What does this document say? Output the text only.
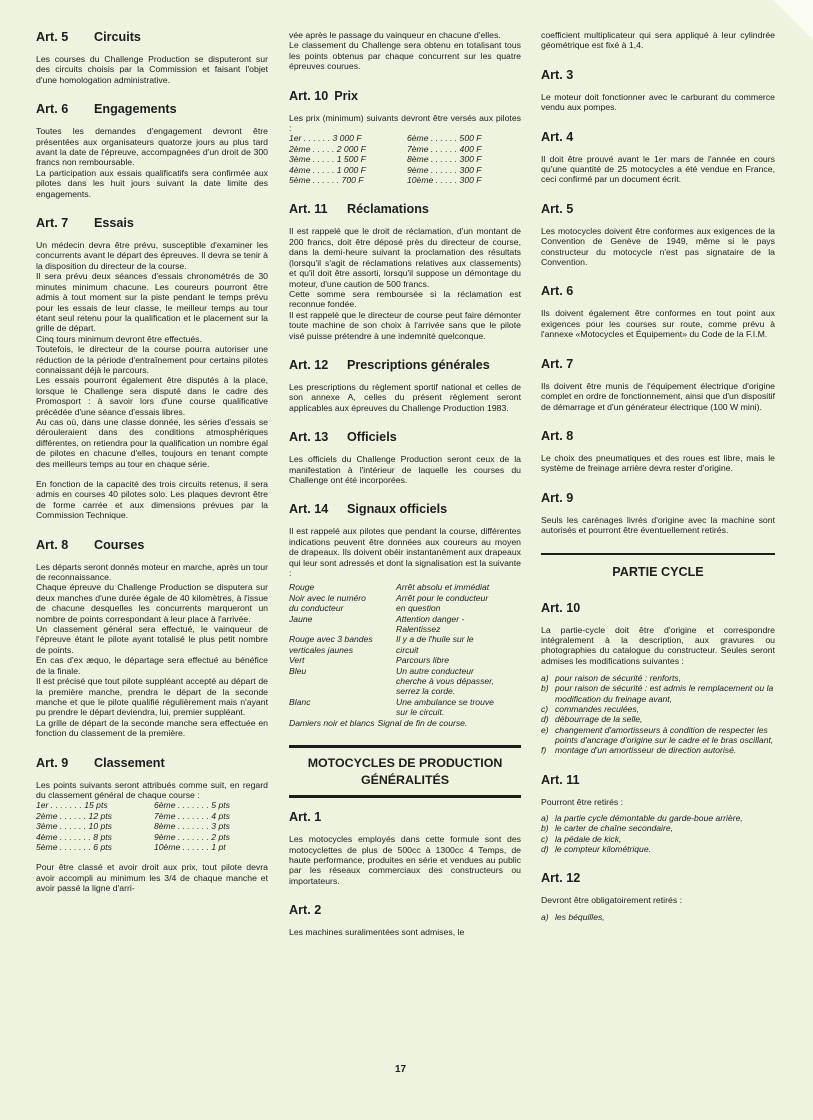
Art. 5 Circuits

Les courses du Challenge Production se disputeront sur des circuits choisis par la Commission et faisant l'objet d'une homologation administrative.

Art. 6 Engagements

Toutes les demandes d'engagement devront être présentées aux organisateurs quatorze jours au plus tard avant la date de l'épreuve, accompagnées d'un droit de 300 francs non remboursable.

La participation aux essais qualificatifs sera confirmée aux pilotes dans les huit jours suivant la date limite des engagements.

Art. 7 Essais

Un médecin devra être prévu, susceptible d'examiner les concurrents avant le départ des épreuves. Il devra se tenir à la disposition du directeur de la course.

Il sera prévu deux séances d'essais chronométrés de 30 minutes minimum chacune. Les coureurs pourront être admis à tout moment sur la piste pendant le temps prévu pour les essais de leur classe, le meilleur temps au tour étant seul retenu pour la qualification et le placement sur la grille de départ.

Cinq tours minimum devront être effectués.

Toutefois, le directeur de la course pourra autoriser une réduction de la période d'entraînement pour certains pilotes connaissant déjà le parcours.

Les essais pourront également être disputés à la place, lorsque le Challenge sera disputé dans le cadre des Promosport : à savoir lors d'une course qualificative précédée d'une séance d'essais libres.

Au cas où, dans une classe donnée, les séries d'essais se dérouleraient dans des conditions atmosphériques différentes, on retiendra pour la qualification un nombre égal de pilotes en chacune d'elles, toujours en tenant compte des meilleurs temps au tour en chaque série.

En fonction de la capacité des trois circuits retenus, il sera admis en courses 40 pilotes solo. Les plaques devront être de forme carrée et aux dimensions prévues par la Commission Technique.

Art. 8 Courses

Les départs seront donnés moteur en marche, après un tour de reconnaissance.

Chaque épreuve du Challenge Production se disputera sur deux manches d'une durée égale de 40 kilomètres, à l'issue de chacune desquelles les concurrents marqueront un nombre de points correspondant à leur place à l'arrivée.

Un classement général sera effectué, le vainqueur de l'épreuve étant le pilote ayant totalisé le plus petit nombre de points.

En cas d'ex æquo, le départage sera effectué au bénéfice de la finale.

Il est précisé que tout pilote suppléant accepté au départ de la première manche, prendra le départ de la seconde manche et que le pilote qualifié régulièrement mais n'ayant pu prendre le départ deviendra, lui, premier suppléant.

La grille de départ de la seconde manche sera effectuée en fonction du classement de la première.

Art. 9 Classement

Les points suivants seront attribués comme suit, en regard du classement général de chaque course :

1er . . . . . . . 15 pts	6ème . . . . . . . 5 pts
2ème . . . . . . 12 pts	7ème . . . . . . . 4 pts
3ème . . . . . . 10 pts	8ème . . . . . . . 3 pts
4ème . . . . . . . 8 pts	9ème . . . . . . . 2 pts
5ème . . . . . . . 6 pts	10ème . . . . . . 1 pt

Pour être classé et avoir droit aux prix, tout pilote devra avoir accompli au minimum les 3/4 de chaque manche et avoir passé la ligne d'arri-

vée après le passage du vainqueur en chacune d'elles.

Le classement du Challenge sera obtenu en totalisant tous les points obtenus par chaque concurrent sur les quatre épreuves courues.

Art. 10 Prix

Les prix (minimum) suivants devront être versés aux pilotes :

1er . . . . . . 3 000 F	6ème . . . . . . 500 F
2ème . . . . . 2 000 F	7ème . . . . . . 400 F
3ème . . . . . 1 500 F	8ème . . . . . . 300 F
4ème . . . . . 1 000 F	9ème . . . . . . 300 F
5ème . . . . . . 700 F	10ème . . . . . 300 F
Art. 11 Réclamations

Il est rappelé que le droit de réclamation, d'un montant de 200 francs, doit être déposé près du directeur de course, dans la demi-heure suivant la proclamation des résultats (lorsqu'il s'agit de réclamations relatives aux classements) et qu'il doit être assorti, lorsqu'il suppose un démontage du moteur, d'une caution de 500 francs.

Cette somme sera remboursée si la réclamation est reconnue fondée.

Il est rappelé que le directeur de course peut faire démonter toute machine de son choix à l'arrivée sans que le pilote visé puisse prétendre à une indemnité quelconque.

Art. 12 Prescriptions générales

Les prescriptions du règlement sportif national et celles de son annexe A, celles du présent règlement seront applicables aux épreuves du Challenge Production 1983.

Art. 13 Officiels

Les officiels du Challenge Production seront ceux de la manifestation à l'intérieur de laquelle les courses du Challenge ont été incorporées.

Art. 14 Signaux officiels

Il est rappelé aux pilotes que pendant la course, différentes indications peuvent être données aux coureurs au moyen de drapeaux. Ils doivent obéir instantanément aux drapeaux qui leur sont adressés et dont la signalisation est la suivante :

Rouge	Arrêt absolu et immédiat
Noir avec le numéro	Arrêt pour le conducteur
du conducteur	en question
Jaune	Attention danger -
Ralentissez
Rouge avec 3 bandes	Il y a de l'huile sur le
verticales jaunes	circuit
Vert	Parcours libre
Bleu	Un autre conducteur
cherche à vous dépasser,
serrez la corde.
Blanc	Une ambulance se trouve
sur le circuit.
Damiers noir et blancs Signal de fin de course.
MOTOCYCLES DE PRODUCTION
GÉNÉRALITÉS
Art. 1

Les motocycles employés dans cette formule sont des motocyclettes de plus de 500cc à 1300cc 4 Temps, de haute performance, produites en série et vendues au public par les réseaux commerciaux des constructeurs ou importateurs.

Art. 2

Les machines suralimentées sont admises, le

coefficient multiplicateur qui sera appliqué à leur cylindrée géométrique est fixé à 1,4.

Art. 3

Le moteur doit fonctionner avec le carburant du commerce vendu aux pompes.

Art. 4

Il doit être prouvé avant le 1er mars de l'année en cours qu'une quantité de 25 motocycles a été vendue en France, ceci confirmé par un document écrit.

Art. 5

Les motocycles doivent être conformes aux exigences de la Convention de Genève de 1949, même si le pays constructeur du motocycle n'est pas signataire de la Convention.

Art. 6

Ils doivent également être conformes en tout point aux exigences pour les courses sur route, comme prévu à l'annexe «Motocycles et Équipement» du Code de la F.I.M.

Art. 7

Ils doivent être munis de l'équipement électrique d'origine complet en ordre de fonctionnement, ainsi que d'un dispositif de démarrage et d'un générateur électrique (100 W mini).

Art. 8

Le choix des pneumatiques et des roues est libre, mais le système de freinage arrière devra rester d'origine.

Art. 9

Seuls les carénages livrés d'origine avec la machine sont autorisés et pourront être éventuellement retirés.

PARTIE CYCLE
Art. 10

La partie-cycle doit être d'origine et correspondre intégralement à la description, aux gravures ou photographies du catalogue du constructeur. Seules seront admises les modifications suivantes :

a) pour raison de sécurité : renforts,
b) pour raison de sécurité : est admis le remplacement ou la modification du freinage avant,
c) commandes reculées,
d) débourrage de la selle,
e) changement d'amortisseurs à condition de respecter les points d'ancrage d'origine sur le cadre et le bras oscillant,
f)	montage d'un amortisseur de direction autorisé.
Art. 11

Pourront être retirés :

a) la partie cycle démontable du garde-boue arrière,
b) le carter de chaîne secondaire,
c) la pédale de kick,
d) le compteur kilométrique.
Art. 12

Devront être obligatoirement retirés :

a) les béquilles,
17
